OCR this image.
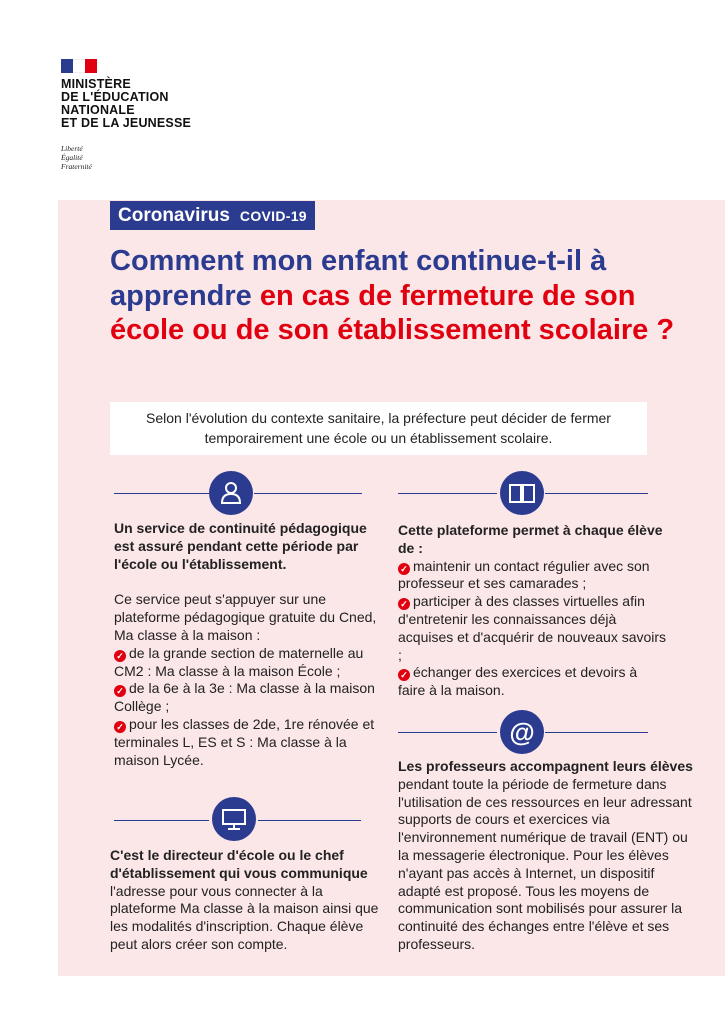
MINISTÈRE
DE L'ÉDUCATION
NATIONALE
ET DE LA JEUNESSE
Liberté
Égalité
Fraternité
Coronavirus COVID-19
Comment mon enfant continue-t-il à apprendre en cas de fermeture de son école ou de son établissement scolaire ?
Selon l'évolution du contexte sanitaire, la préfecture peut décider de fermer temporairement une école ou un établissement scolaire.

Un service de continuité pédagogique est assuré pendant cette période par l'école ou l'établissement.

Ce service peut s'appuyer sur une plateforme pédagogique gratuite du Cned, Ma classe à la maison :

✓ de la grande section de maternelle au CM2 : Ma classe à la maison École ;

✓ de la 6e à la 3e : Ma classe à la maison Collège ;

✓ pour les classes de 2de, 1re rénovée et terminales L, ES et S : Ma classe à la maison Lycée.

Cette plateforme permet à chaque élève de :

✓ maintenir un contact régulier avec son professeur et ses camarades ;

✓ participer à des classes virtuelles afin d'entretenir les connaissances déjà acquises et d'acquérir de nouveaux savoirs ;

✓ échanger des exercices et devoirs à faire à la maison.

@

Les professeurs accompagnent leurs élèves pendant toute la période de fermeture dans l'utilisation de ces ressources en leur adressant supports de cours et exercices via l'environnement numérique de travail (ENT) ou la messagerie électronique. Pour les élèves n'ayant pas accès à Internet, un dispositif adapté est proposé. Tous les moyens de communication sont mobilisés pour assurer la continuité des échanges entre l'élève et ses professeurs.

C'est le directeur d'école ou le chef d'établissement qui vous communique

l'adresse pour vous connecter à la plateforme Ma classe à la maison ainsi que les modalités d'inscription. Chaque élève peut alors créer son compte.
